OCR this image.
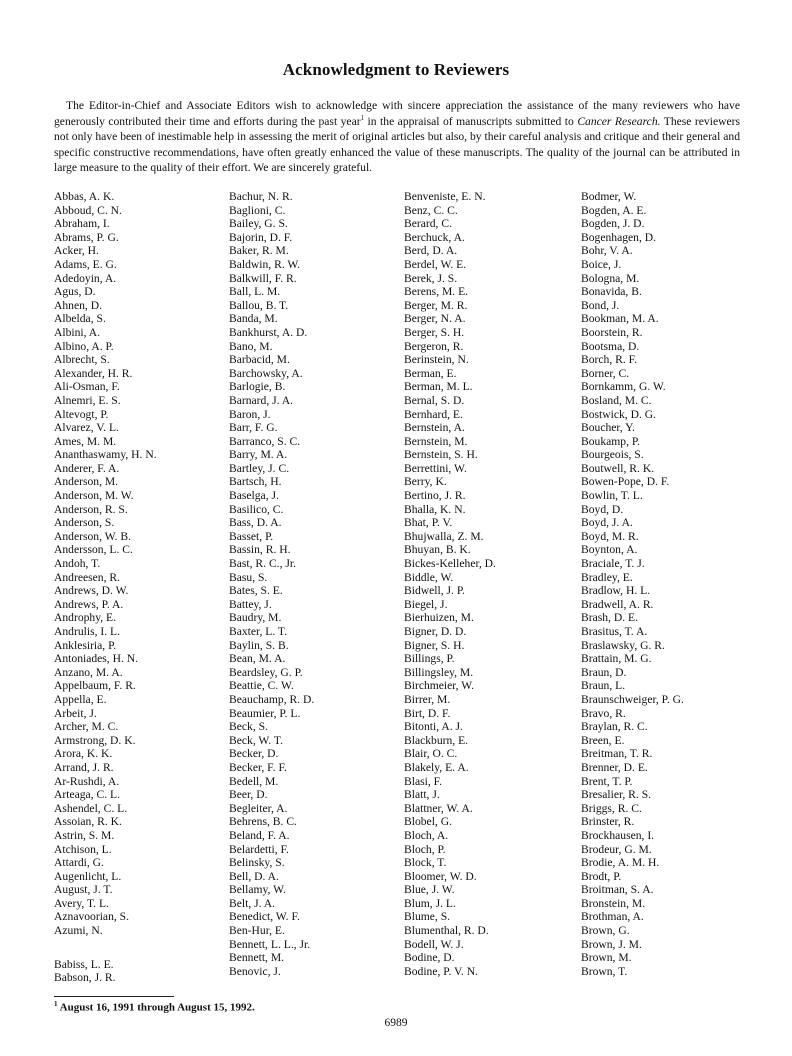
Acknowledgment to Reviewers

The Editor-in-Chief and Associate Editors wish to acknowledge with sincere appreciation the assistance of the many reviewers who have generously contributed their time and efforts during the past year$^1$ in the appraisal of manuscripts submitted to Cancer Research. These reviewers not only have been of inestimable help in assessing the merit of original articles but also, by their careful analysis and critique and their general and specific constructive recommendations, have often greatly enhanced the value of these manuscripts. The quality of the journal can be attributed in large measure to the quality of their effort. We are sincerely grateful.

Abbas, A. K.
Abboud, C. N.
Abraham, I.
Abrams, P. G.
Acker, H.
Adams, E. G.
Adedoyin, A.
Agus, D.
Ahnen, D.
Albelda, S.
Albini, A.
Albino, A. P.
Albrecht, S.
Alexander, H. R.
Ali-Osman, F.
Alnemri, E. S.
Altevogt, P.
Alvarez, V. L.
Ames, M. M.
Ananthaswamy, H. N.
Anderer, F. A.
Anderson, M.
Anderson, M. W.
Anderson, R. S.
Anderson, S.
Anderson, W. B.
Andersson, L. C.
Andoh, T.
Andreesen, R.
Andrews, D. W.
Andrews, P. A.
Androphy, E.
Andrulis, I. L.
Anklesiria, P.
Antoniades, H. N.
Anzano, M. A.
Appelbaum, F. R.
Appella, E.
Arbeit, J.
Archer, M. C.
Armstrong, D. K.
Arora, K. K.
Arrand, J. R.
Ar-Rushdi, A.
Arteaga, C. L.
Ashendel, C. L.
Assoian, R. K.
Astrin, S. M.
Atchison, L.
Attardi, G.
Augenlicht, L.
August, J. T.
Avery, T. L.
Aznavoorian, S.
Azumi, N.
Babiss, L. E.
Babson, J. R.
Bachur, N. R.
Baglioni, C.
Bailey, G. S.
Bajorin, D. F.
Baker, R. M.
Baldwin, R. W.
Balkwill, F. R.
Ball, L. M.
Ballou, B. T.
Banda, M.
Bankhurst, A. D.
Bano, M.
Barbacid, M.
Barchowsky, A.
Barlogie, B.
Barnard, J. A.
Baron, J.
Barr, F. G.
Barranco, S. C.
Barry, M. A.
Bartley, J. C.
Bartsch, H.
Baselga, J.
Basilico, C.
Bass, D. A.
Basset, P.
Bassin, R. H.
Bast, R. C., Jr.
Basu, S.
Bates, S. E.
Battey, J.
Baudry, M.
Baxter, L. T.
Baylin, S. B.
Bean, M. A.
Beardsley, G. P.
Beattie, C. W.
Beauchamp, R. D.
Beaumier, P. L.
Beck, S.
Beck, W. T.
Becker, D.
Becker, F. F.
Bedell, M.
Beer, D.
Begleiter, A.
Behrens, B. C.
Beland, F. A.
Belardetti, F.
Belinsky, S.
Bell, D. A.
Bellamy, W.
Belt, J. A.
Benedict, W. F.
Ben-Hur, E.
Bennett, L. L., Jr.
Bennett, M.
Benovic, J.
Benveniste, E. N.
Benz, C. C.
Berard, C.
Berchuck, A.
Berd, D. A.
Berdel, W. E.
Berek, J. S.
Berens, M. E.
Berger, M. R.
Berger, N. A.
Berger, S. H.
Bergeron, R.
Berinstein, N.
Berman, E.
Berman, M. L.
Bernal, S. D.
Bernhard, E.
Bernstein, A.
Bernstein, M.
Bernstein, S. H.
Berrettini, W.
Berry, K.
Bertino, J. R.
Bhalla, K. N.
Bhat, P. V.
Bhujwalla, Z. M.
Bhuyan, B. K.
Bickes-Kelleher, D.
Biddle, W.
Bidwell, J. P.
Biegel, J.
Bierhuizen, M.
Bigner, D. D.
Bigner, S. H.
Billings, P.
Billingsley, M.
Birchmeier, W.
Birrer, M.
Birt, D. F.
Bitonti, A. J.
Blackburn, E.
Blair, O. C.
Blakely, E. A.
Blasi, F.
Blatt, J.
Blattner, W. A.
Blobel, G.
Bloch, A.
Bloch, P.
Block, T.
Bloomer, W. D.
Blue, J. W.
Blum, J. L.
Blume, S.
Blumenthal, R. D.
Bodell, W. J.
Bodine, D.
Bodine, P. V. N.
Bodmer, W.
Bogden, A. E.
Bogden, J. D.
Bogenhagen, D.
Bohr, V. A.
Boice, J.
Bologna, M.
Bonavida, B.
Bond, J.
Bookman, M. A.
Boorstein, R.
Bootsma, D.
Borch, R. F.
Borner, C.
Bornkamm, G. W.
Bosland, M. C.
Bostwick, D. G.
Boucher, Y.
Boukamp, P.
Bourgeois, S.
Boutwell, R. K.
Bowen-Pope, D. F.
Bowlin, T. L.
Boyd, D.
Boyd, J. A.
Boyd, M. R.
Boynton, A.
Braciale, T. J.
Bradley, E.
Bradlow, H. L.
Bradwell, A. R.
Brash, D. E.
Brasitus, T. A.
Braslawsky, G. R.
Brattain, M. G.
Braun, D.
Braun, L.
Braunschweiger, P. G.
Bravo, R.
Braylan, R. C.
Breen, E.
Breitman, T. R.
Brenner, D. E.
Brent, T. P.
Bresalier, R. S.
Briggs, R. C.
Brinster, R.
Brockhausen, I.
Brodeur, G. M.
Brodie, A. M. H.
Brodt, P.
Broitman, S. A.
Bronstein, M.
Brothman, A.
Brown, G.
Brown, J. M.
Brown, M.
Brown, T.
$^1$ August 16, 1991 through August 15, 1992.
6989
